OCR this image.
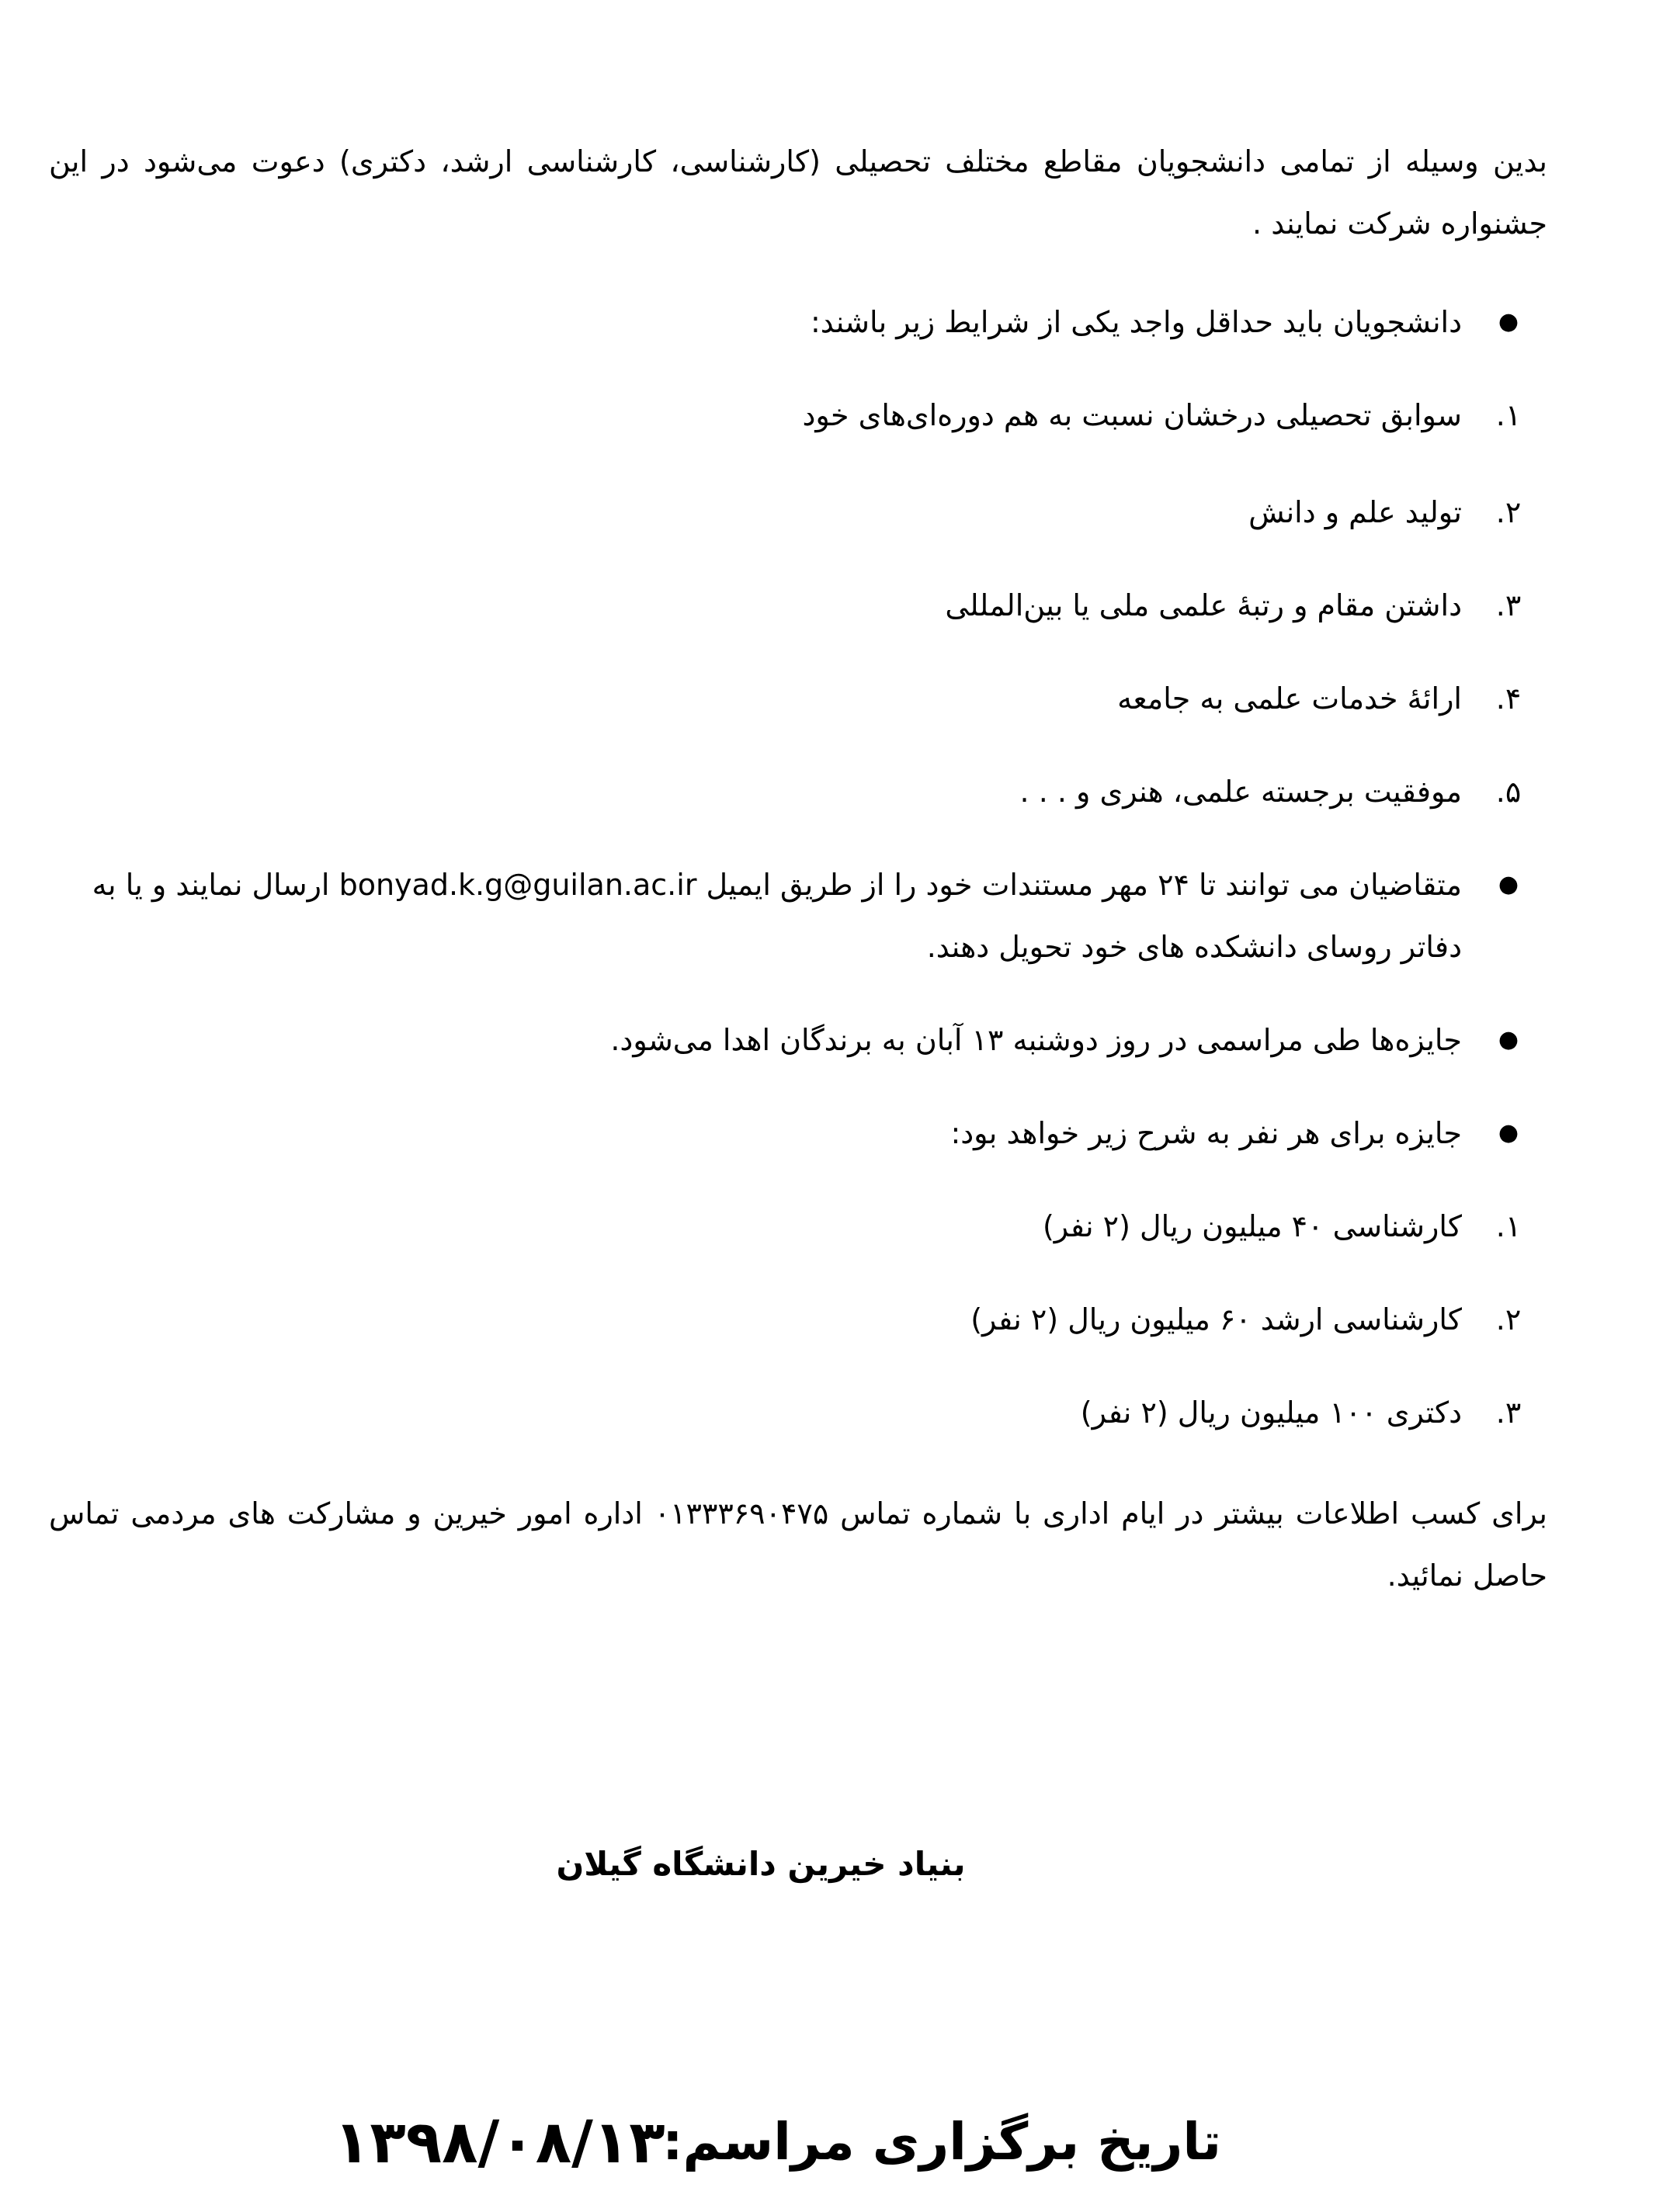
بدین وسیله از تمامی دانشجویان مقاطع مختلف تحصیلی (کارشناسی، کارشناسی ارشد، دکتری) دعوت می‌شود در این جشنواره شرکت نمایند .

●
دانشجویان باید حداقل واجد یکی از شرایط زیر باشند:
۱.
سوابق تحصیلی درخشان نسبت به هم دوره‌ای‌های خود
۲.
تولید علم و دانش
۳.
داشتن مقام و رتبهٔ علمی ملی یا بین‌المللی
۴.
ارائهٔ خدمات علمی به جامعه
۵.
موفقیت برجسته علمی، هنری و . . .
●
متقاضیان می توانند تا ۲۴ مهر مستندات خود را از طریق ایمیل bonyad.k.g@guilan.ac.ir ارسال نمایند و یا به دفاتر روسای دانشکده های خود تحویل دهند.
●
جایزه‌ها طی مراسمی در روز دوشنبه ۱۳ آبان به برندگان اهدا می‌شود.
●
جایزه برای هر نفر به شرح زیر خواهد بود:
۱.
کارشناسی ۴۰ میلیون ریال (۲ نفر)
۲.
کارشناسی ارشد ۶۰ میلیون ریال (۲ نفر)
۳.
دکتری ۱۰۰ میلیون ریال (۲ نفر)

برای کسب اطلاعات بیشتر در ایام اداری با شماره تماس ۰۱۳۳۳۶۹۰۴۷۵ اداره امور خیرین و مشارکت های مردمی تماس حاصل نمائید.

بنیاد خیرین دانشگاه گیلان
تاریخ برگزاری مراسم:
۱۳۹۸/۰۸/۱۳
